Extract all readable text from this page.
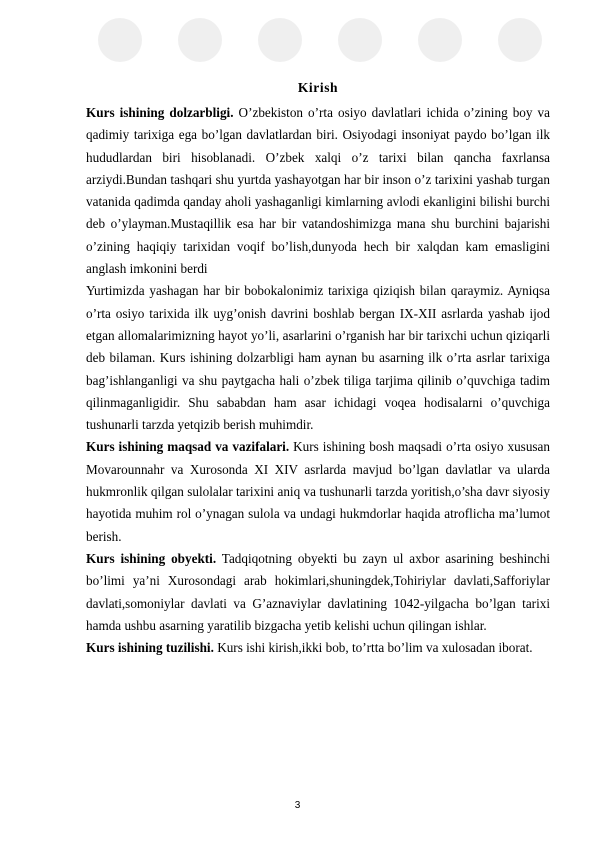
Kirish

Kurs ishining dolzarbligi. O’zbekiston o’rta osiyo davlatlari ichida o’zining boy va qadimiy tarixiga ega bo’lgan davlatlardan biri. Osiyodagi insoniyat paydo bo’lgan ilk hududlardan biri hisoblanadi. O’zbek xalqi o’z tarixi bilan qancha faxrlansa arziydi.Bundan tashqari shu yurtda yashayotgan har bir inson o’z tarixini yashab turgan vatanida qadimda qanday aholi yashaganligi kimlarning avlodi ekanligini bilishi burchi deb o’ylayman.Mustaqillik esa har bir vatandoshimizga mana shu burchini bajarishi o’zining haqiqiy tarixidan voqif bo’lish,dunyoda hech bir xalqdan kam emasligini anglash imkonini berdi

Yurtimizda yashagan har bir bobokalonimiz tarixiga qiziqish bilan qaraymiz. Ayniqsa o’rta osiyo tarixida ilk uyg’onish davrini boshlab bergan IX-XII asrlarda yashab ijod etgan allomalarimizning hayot yo’li, asarlarini o’rganish har bir tarixchi uchun qiziqarli deb bilaman. Kurs ishining dolzarbligi ham aynan bu asarning ilk o’rta asrlar tarixiga bag’ishlanganligi va shu paytgacha hali o’zbek tiliga tarjima qilinib o’quvchiga tadim qilinmaganligidir. Shu sababdan ham asar ichidagi voqea hodisalarni o’quvchiga tushunarli tarzda yetqizib berish muhimdir.

Kurs ishining maqsad va vazifalari. Kurs ishining bosh maqsadi o’rta osiyo xususan Movarounnahr va Xurosonda XI XIV asrlarda mavjud bo’lgan davlatlar va ularda hukmronlik qilgan sulolalar tarixini aniq va tushunarli tarzda yoritish,o’sha davr siyosiy hayotida muhim rol o’ynagan sulola va undagi hukmdorlar haqida atroflicha ma’lumot berish.

Kurs ishining obyekti. Tadqiqotning obyekti bu zayn ul axbor asarining beshinchi bo’limi ya’ni Xurosondagi arab hokimlari,shuningdek,Tohiriylar davlati,Safforiylar davlati,somoniylar davlati va G’aznaviylar davlatining 1042-yilgacha bo’lgan tarixi hamda ushbu asarning yaratilib bizgacha yetib kelishi uchun qilingan ishlar.

Kurs ishining tuzilishi. Kurs ishi kirish,ikki bob, to’rtta bo’lim va xulosadan iborat.

3
